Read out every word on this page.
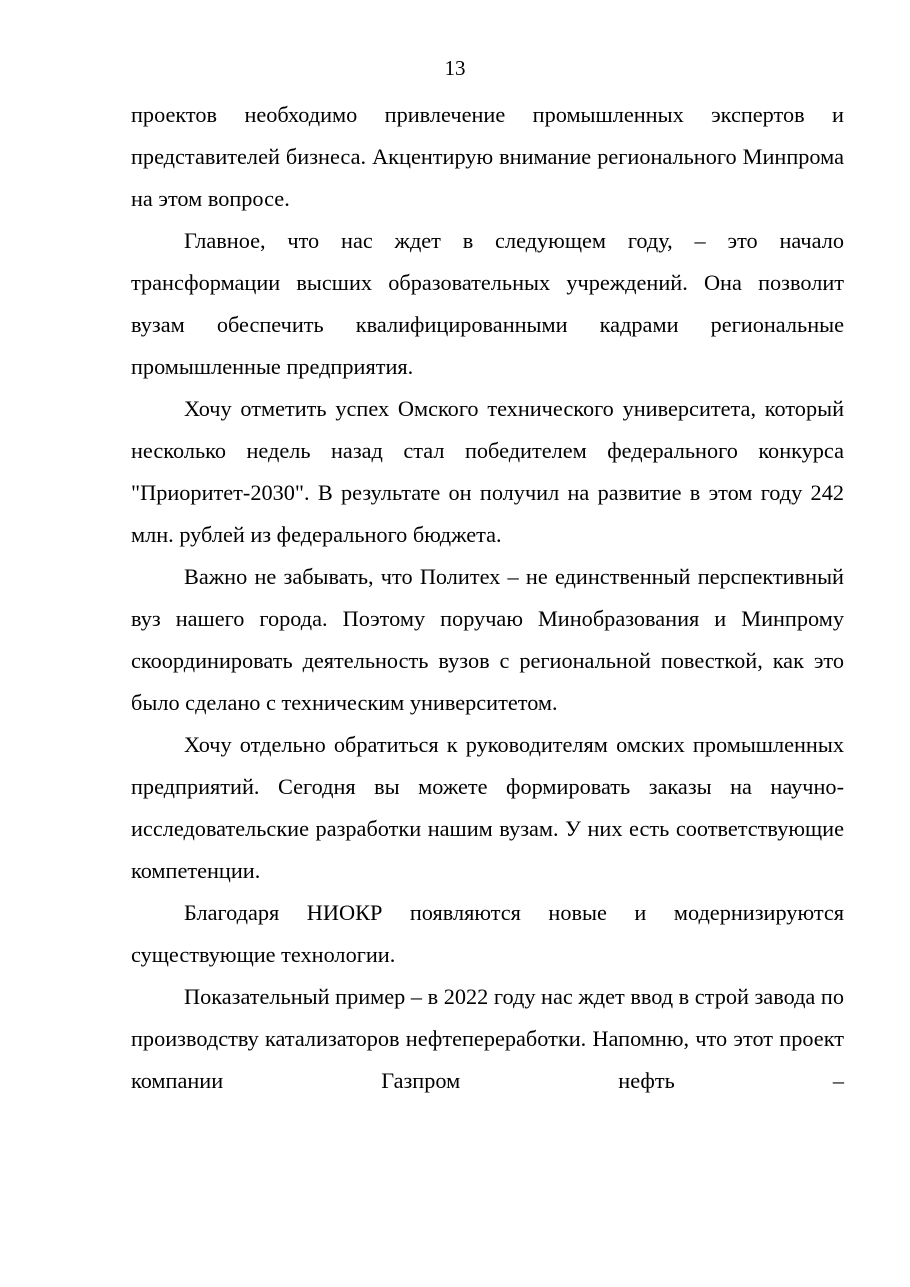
13

проектов необходимо привлечение промышленных экспертов и представителей бизнеса. Акцентирую внимание регионального Минпрома на этом вопросе.

Главное, что нас ждет в следующем году, – это начало трансформации высших образовательных учреждений. Она позволит вузам обеспечить квалифицированными кадрами региональные промышленные предприятия.

Хочу отметить успех Омского технического университета, который несколько недель назад стал победителем федерального конкурса "Приоритет-2030". В результате он получил на развитие в этом году 242 млн. рублей из федерального бюджета.

Важно не забывать, что Политех – не единственный перспективный вуз нашего города. Поэтому поручаю Минобразования и Минпрому скоординировать деятельность вузов с региональной повесткой, как это было сделано с техническим университетом.

Хочу отдельно обратиться к руководителям омских промышленных предприятий. Сегодня вы можете формировать заказы на научно-исследовательские разработки нашим вузам. У них есть соответствующие компетенции.

Благодаря НИОКР появляются новые и модернизируются существующие технологии.

Показательный пример – в 2022 году нас ждет ввод в строй завода по производству катализаторов нефтепереработки. Напомню, что этот проект компании Газпром нефть –
